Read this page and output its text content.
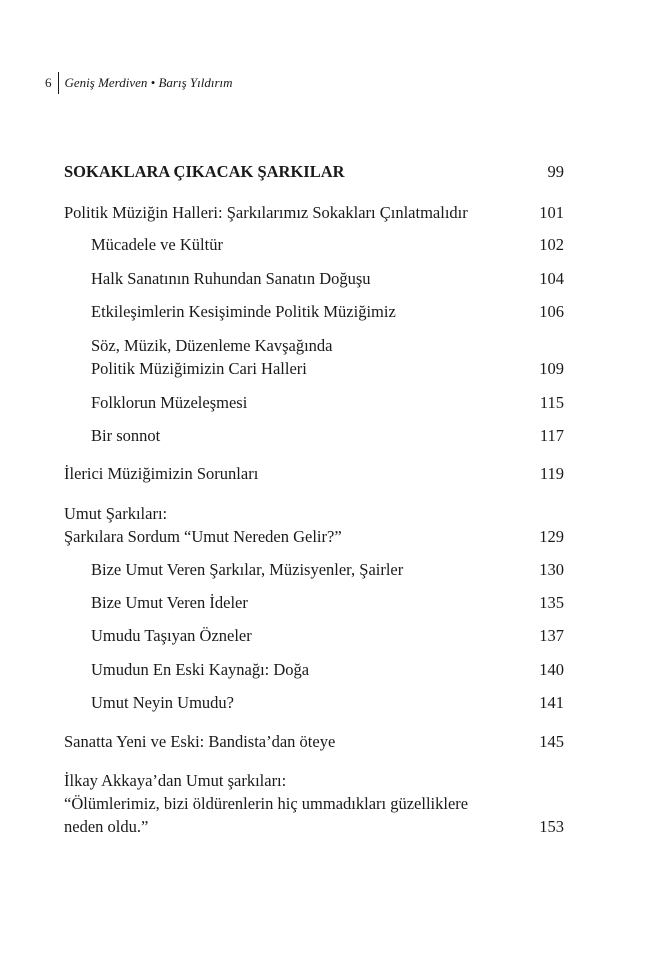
6	Geniş Merdiven • Barış Yıldırım
SOKAKLARA ÇIKACAK ŞARKILAR	99
Politik Müziğin Halleri: Şarkılarımız Sokakları Çınlatmalıdır	101
Mücadele ve Kültür	102
Halk Sanatının Ruhundan Sanatın Doğuşu	104
Etkileşimlerin Kesişiminde Politik Müziğimiz	106
Söz, Müzik, Düzenleme Kavşağında
Politik Müziğimizin Cari Halleri	109
Folklorun Müzeleşmesi	115
Bir sonnot	117
İlerici Müziğimizin Sorunları	119
Umut Şarkıları:
Şarkılara Sordum “Umut Nereden Gelir?”	129
Bize Umut Veren Şarkılar, Müzisyenler, Şairler	130
Bize Umut Veren İdeler	135
Umudu Taşıyan Özneler	137
Umudun En Eski Kaynağı: Doğa	140
Umut Neyin Umudu?	141
Sanatta Yeni ve Eski: Bandista’dan öteye	145
İlkay Akkaya’dan Umut şarkıları:
“Ölümlerimiz, bizi öldürenlerin hiç ummadıkları güzelliklere
neden oldu.”	153
